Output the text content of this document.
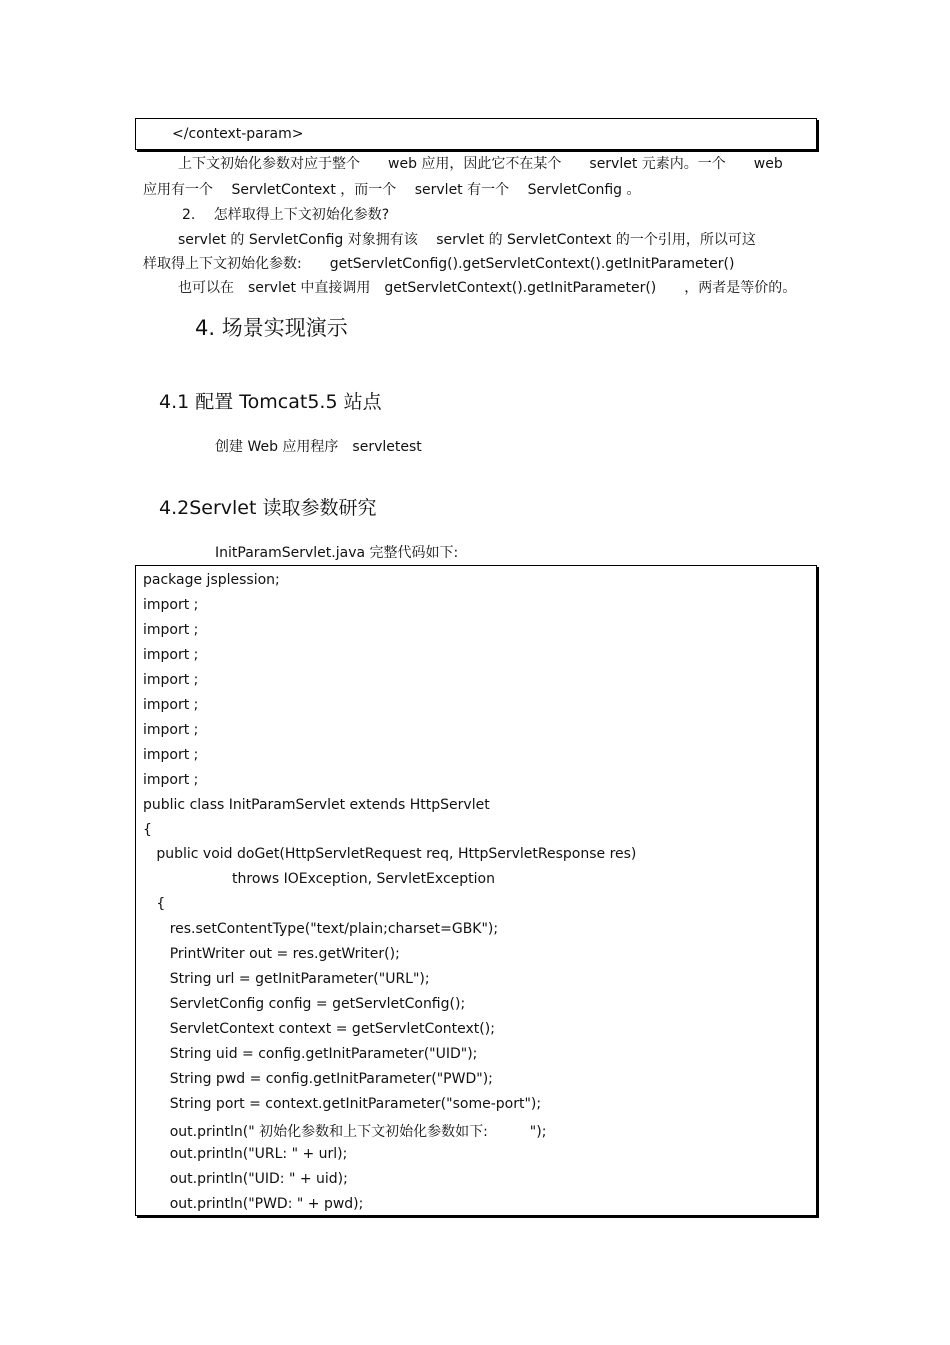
</context-param>
上下文初始化参数对应于整个　　web 应用，因此它不在某个　　servlet 元素内。一个　　web
应用有一个　 ServletContext ，而一个　 servlet 有一个　 ServletConfig 。
2.　 怎样取得上下文初始化参数?
servlet 的 ServletConfig 对象拥有该　 servlet 的 ServletContext 的一个引用，所以可这
样取得上下文初始化参数:　　getServletConfig().getServletContext().getInitParameter()
也可以在　servlet 中直接调用　getServletContext().getInitParameter()　　，两者是等价的。
4. 场景实现演示
4.1 配置 Tomcat5.5 站点
创建 Web 应用程序　servletest
4.2Servlet 读取参数研究
InitParamServlet.java 完整代码如下:
package jsplession;
import ;
import ;
import ;
import ;
import ;
import ;
import ;
import ;
public class InitParamServlet extends HttpServlet
{
public void doGet(HttpServletRequest req, HttpServletResponse res)
throws IOException, ServletException
{
res.setContentType("text/plain;charset=GBK");
PrintWriter out = res.getWriter();
String url = getInitParameter("URL");
ServletConfig config = getServletConfig();
ServletContext context = getServletContext();
String uid = config.getInitParameter("UID");
String pwd = config.getInitParameter("PWD");
String port = context.getInitParameter("some-port");
out.println(" 初始化参数和上下文初始化参数如下:　　　");
out.println("URL: " + url);
out.println("UID: " + uid);
out.println("PWD: " + pwd);
